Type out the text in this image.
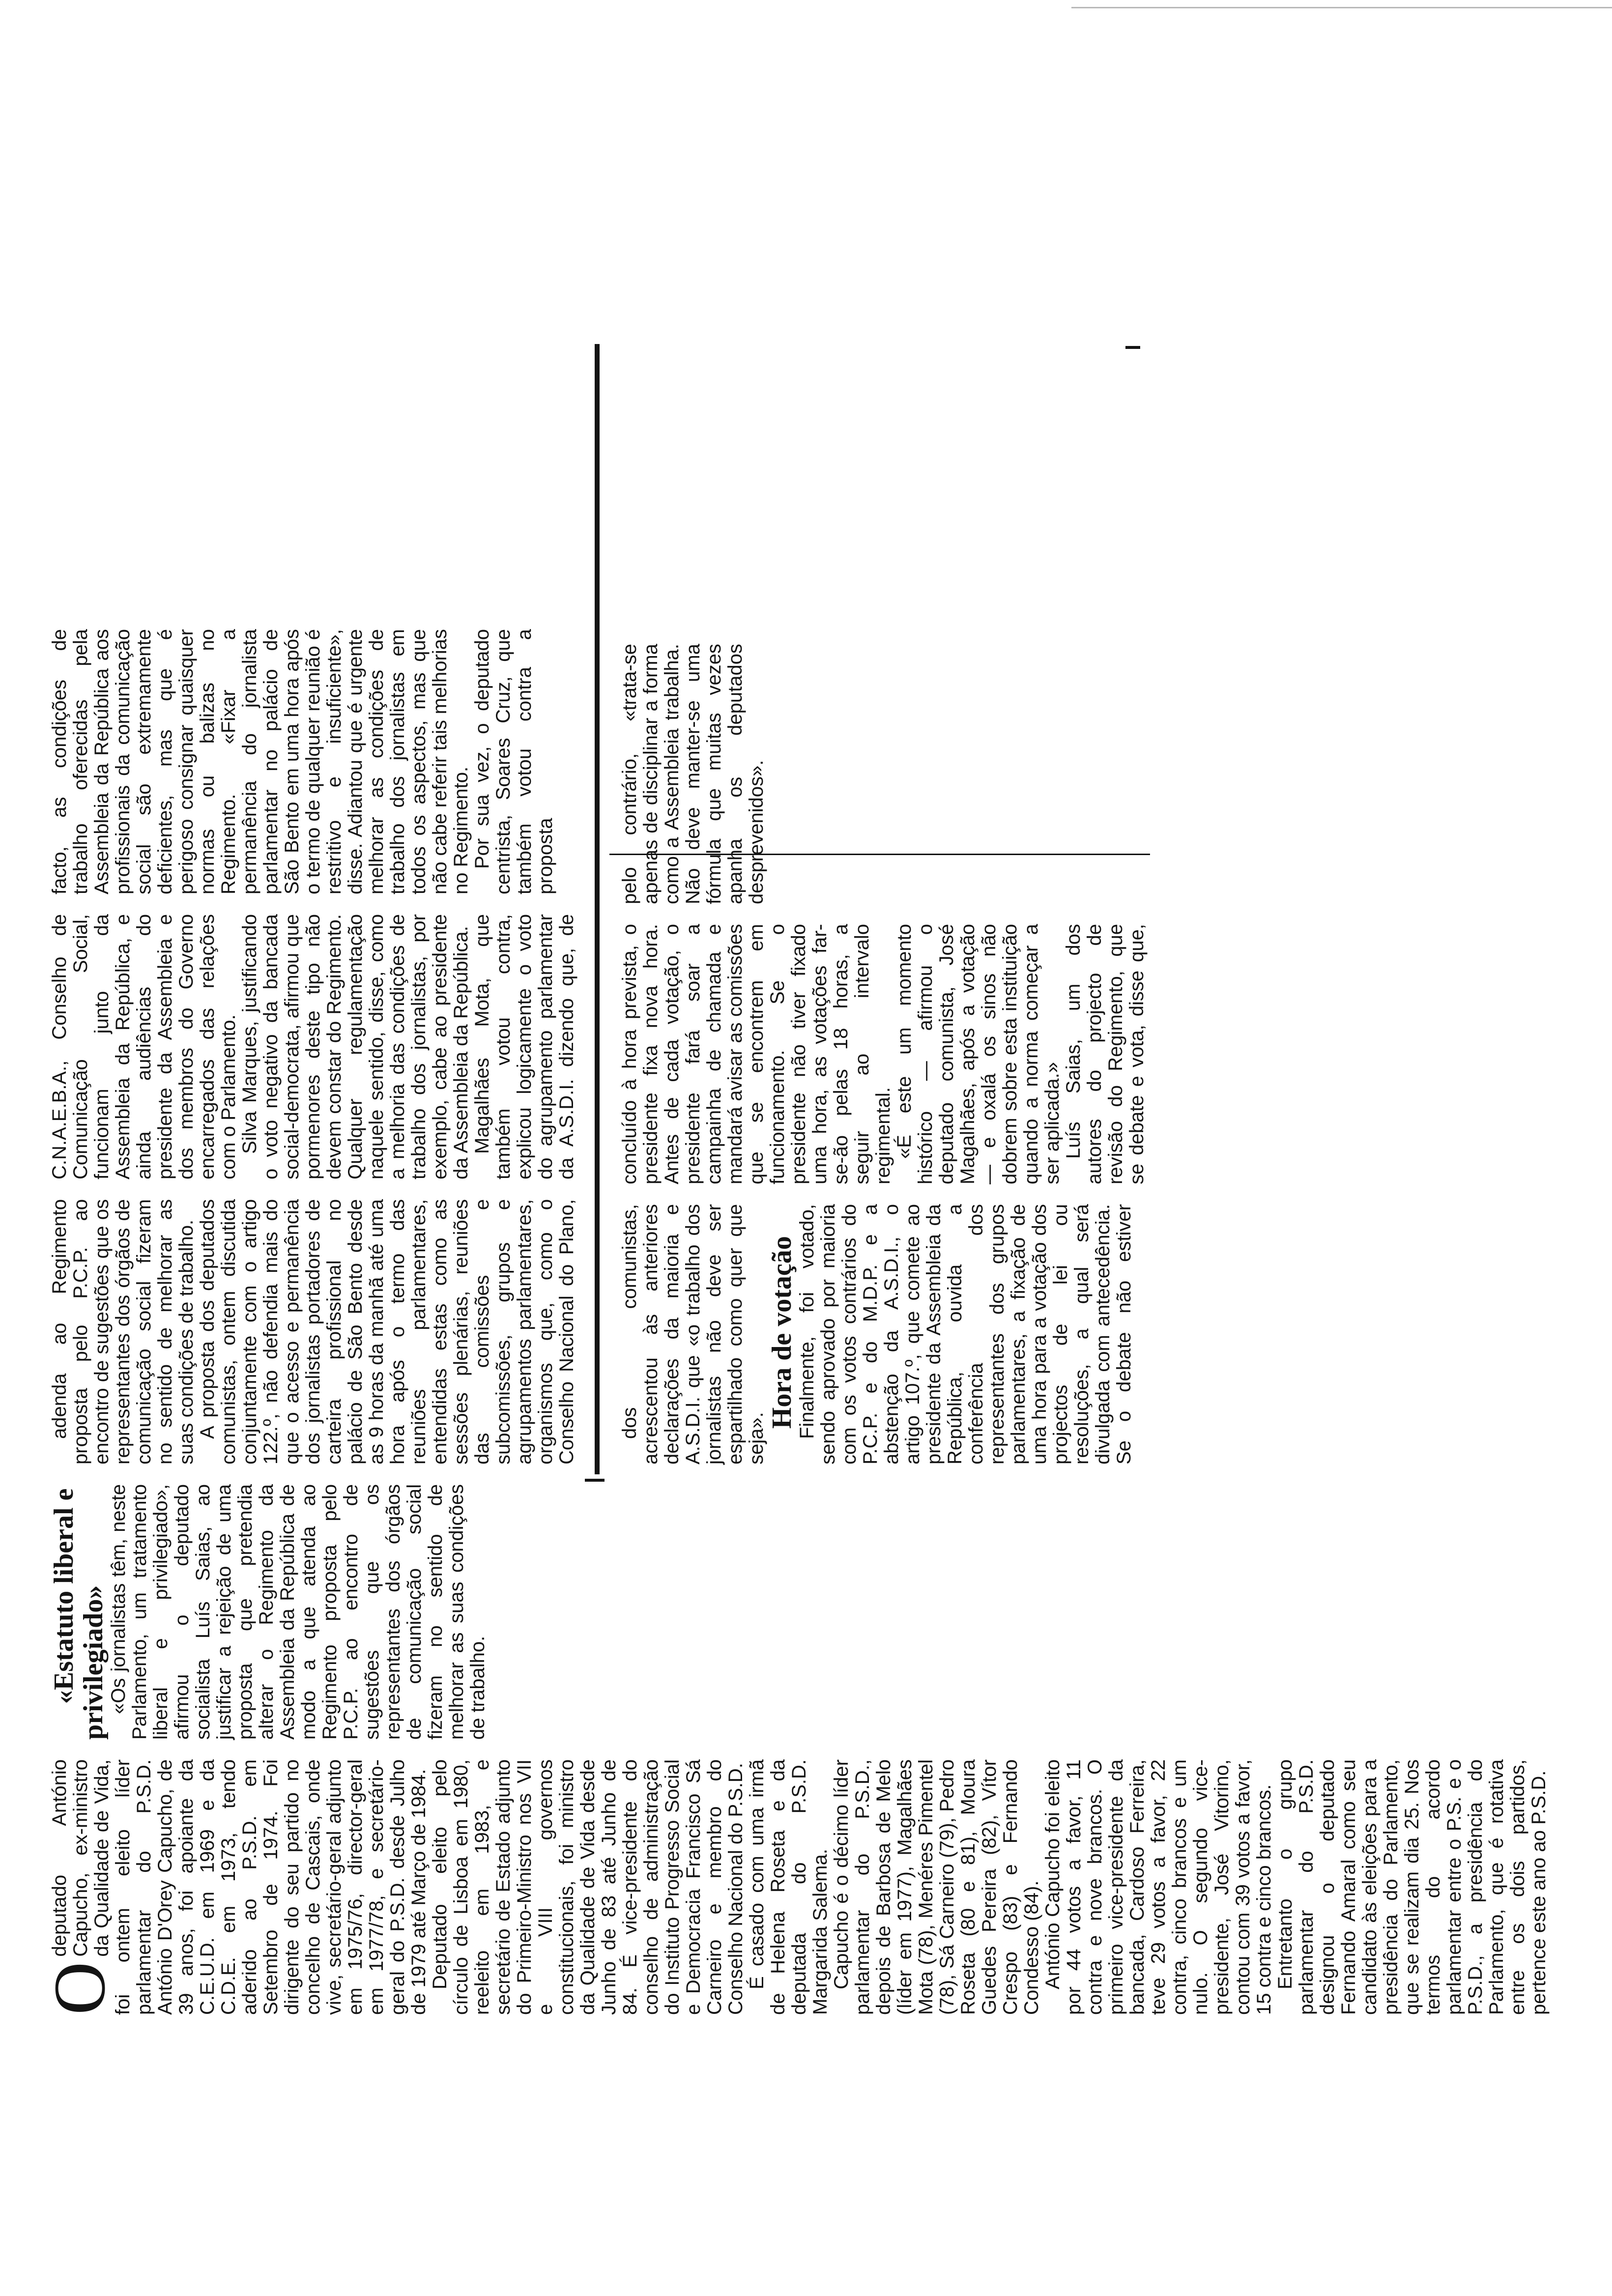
O
deputado António Capucho, ex-ministro da Qualidade de Vida, foi ontem eleito líder parlamentar do P.S.D. António D'Orey Capucho, de 39 anos, foi apoiante da C.E.U.D. em 1969 e da C.D.E. em 1973, tendo aderido ao P.S.D. em Setembro de 1974. Foi dirigente do seu partido no concelho de Cascais, onde vive, secretário-geral adjunto em 1975/76, director-geral em 1977/78, e secretário-geral do P.S.D. desde Julho de 1979 até Março de 1984. Deputado eleito pelo círculo de Lisboa em 1980, reeleito em 1983, e secretário de Estado adjunto do Primeiro-Ministro nos VII e VIII governos constitucionais, foi ministro da Qualidade de Vida desde Junho de 83 até Junho de 84. É vice-presidente do conselho de administração do Instituto Progresso Social e Democracia Francisco Sá Carneiro e membro do Conselho Nacional do P.S.D. É casado com uma irmã de Helena Roseta e da deputada do P.S.D. Margarida Salema. Capucho é o décimo líder parlamentar do P.S.D., depois de Barbosa de Melo (líder em 1977), Magalhães Mota (78), Menéres Pimentel (78), Sá Carneiro (79), Pedro Roseta (80 e 81), Moura Guedes Pereira (82), Vítor Crespo (83) e Fernando Condesso (84). António Capucho foi eleito por 44 votos a favor, 11 contra e nove brancos. O primeiro vice-presidente da bancada, Cardoso Ferreira, teve 29 votos a favor, 22 contra, cinco brancos e um nulo. O segundo vice-presidente, José Vitorino, contou com 39 votos a favor, 15 contra e cinco brancos. Entretanto o grupo parlamentar do P.S.D. designou o deputado Fernando Amaral como seu candidato às eleições para a presidência do Parlamento, que se realizam dia 25. Nos termos do acordo parlamentar entre o P.S. e o P.S.D., a presidência do Parlamento, que é rotativa entre os dois partidos, pertence este ano ao P.S.D.

«Estatuto liberal e privilegiado»

«Os jornalistas têm, neste Parlamento, um tratamento liberal e privilegiado», afirmou o deputado socialista Luís Saias, ao justificar a rejeição de uma proposta que pretendia alterar o Regimento da Assembleia da República de modo a que atenda ao Regimento proposta pelo P.C.P. ao encontro de sugestões que os representantes dos órgãos de comunicação social fizeram no sentido de melhorar as suas condições de trabalho.

adenda ao Regimento proposta pelo P.C.P. ao encontro de sugestões que os representantes dos órgãos de comunicação social fizeram no sentido de melhorar as suas condições de trabalho. A proposta dos deputados comunistas, ontem discutida conjuntamente com o artigo 122.º, não defendia mais do que o acesso e permanência dos jornalistas portadores de carteira profissional no palácio de São Bento desde as 9 horas da manhã até uma hora após o termo das reuniões parlamentares, entendidas estas como as sessões plenárias, reuniões das comissões e subcomissões, grupos e agrupamentos parlamentares, organismos que, como o Conselho Nacional do Plano, C.N.A.E.B.A., Conselho de Comunicação Social, funcionam junto da Assembleia da República, e ainda audiências do presidente da Assembleia e dos membros do Governo encarregados das relações com o Parlamento. Silva Marques, justificando o voto negativo da bancada social-democrata, afirmou que pormenores deste tipo não devem constar do Regimento. Qualquer regulamentação naquele sentido, disse, como a melhoria das condições de trabalho dos jornalistas, por exemplo, cabe ao presidente da Assembleia da República. Magalhães Mota, que também votou contra, explicou logicamente o voto do agrupamento parlamentar da A.S.D.I. dizendo que, de facto, as condições de trabalho oferecidas pela Assembleia da República aos profissionais da comunicação social são extremamente deficientes, mas que é perigoso consignar quaisquer normas ou balizas no Regimento. «Fixar a permanência do jornalista parlamentar no palácio de São Bento em uma hora após o termo de qualquer reunião é restritivo e insuficiente», disse. Adiantou que é urgente melhorar as condições de trabalho dos jornalistas em todos os aspectos, mas que não cabe referir tais melhorias no Regimento. Por sua vez, o deputado centrista, Soares Cruz, que também votou contra a proposta

dos comunistas, acrescentou às anteriores declarações da maioria e A.S.D.I. que «o trabalho dos jornalistas não deve ser espartilhado como quer que seja».

Hora de votação

Finalmente, foi votado, sendo aprovado por maioria com os votos contrários do P.C.P. e do M.D.P. e a abstenção da A.S.D.I., o artigo 107.º, que comete ao presidente da Assembleia da República, ouvida a conferência dos representantes dos grupos parlamentares, a fixação de uma hora para a votação dos projectos de lei ou resoluções, a qual será divulgada com antecedência. Se o debate não estiver concluído à hora prevista, o presidente fixa nova hora. Antes de cada votação, o presidente fará soar a campainha de chamada e mandará avisar as comissões que se encontrem em funcionamento. Se o presidente não tiver fixado uma hora, as votações far-se-ão pelas 18 horas, a seguir ao intervalo regimental. «É este um momento histórico — afirmou o deputado comunista, José Magalhães, após a votação — e oxalá os sinos não dobrem sobre esta instituição quando a norma começar a ser aplicada.» Luís Saias, um dos autores do projecto de revisão do Regimento, que se debate e vota, disse que, pelo contrário, «trata-se apenas de disciplinar a forma como a Assembleia trabalha. Não deve manter-se uma fórmula que muitas vezes apanha os deputados desprevenidos».
